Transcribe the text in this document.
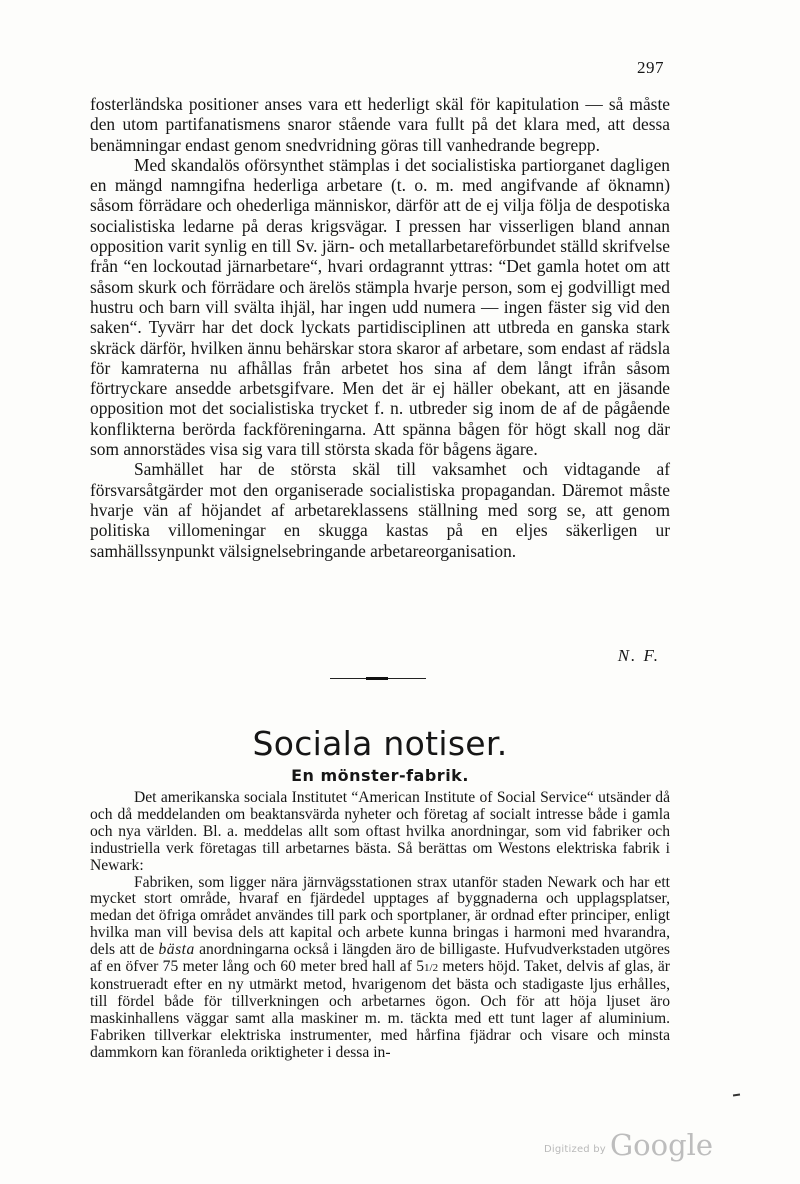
297

fosterländska positioner anses vara ett hederligt skäl för kapitulation — så måste den utom partifanatismens snaror stående vara fullt på det klara med, att dessa benämningar endast genom snedvridning göras till vanhedrande begrepp.

Med skandalös oförsynthet stämplas i det socialistiska partiorganet dagligen en mängd namngifna hederliga arbetare (t. o. m. med angifvande af öknamn) såsom förrädare och ohederliga människor, därför att de ej vilja följa de despotiska socialistiska ledarne på deras krigsvägar. I pressen har visserligen bland annan opposition varit synlig en till Sv. järn- och metallarbetareförbundet ställd skrifvelse från “en lockoutad järnarbetare“, hvari ordagrannt yttras: “Det gamla hotet om att såsom skurk och förrädare och ärelös stämpla hvarje person, som ej godvilligt med hustru och barn vill svälta ihjäl, har ingen udd numera — ingen fäster sig vid den saken“. Tyvärr har det dock lyckats partidisciplinen att utbreda en ganska stark skräck därför, hvilken ännu behärskar stora skaror af arbetare, som endast af rädsla för kamraterna nu afhållas från arbetet hos sina af dem långt ifrån såsom förtryckare ansedde arbetsgifvare. Men det är ej häller obekant, att en jäsande opposition mot det socialistiska trycket f. n. utbreder sig inom de af de pågående konflikterna berörda fackföreningarna. Att spänna bågen för högt skall nog där som annorstädes visa sig vara till största skada för bågens ägare.

Samhället har de största skäl till vaksamhet och vidtagande af försvarsåtgärder mot den organiserade socialistiska propagandan. Däremot måste hvarje vän af höjandet af arbetareklassens ställning med sorg se, att genom politiska villomeningar en skugga kastas på en eljes säkerligen ur samhällssynpunkt välsignelsebringande arbetareorganisation.

N. F.
Sociala notiser.
En mönster-fabrik.

Det amerikanska sociala Institutet “American Institute of Social Service“ utsänder då och då meddelanden om beaktansvärda nyheter och företag af socialt intresse både i gamla och nya världen. Bl. a. meddelas allt som oftast hvilka anordningar, som vid fabriker och industriella verk företagas till arbetarnes bästa. Så berättas om Westons elektriska fabrik i Newark:

Fabriken, som ligger nära järnvägsstationen strax utanför staden Newark och har ett mycket stort område, hvaraf en fjärdedel upptages af byggnaderna och upplagsplatser, medan det öfriga området användes till park och sportplaner, är ordnad efter principer, enligt hvilka man vill bevisa dels att kapital och arbete kunna bringas i harmoni med hvarandra, dels att de bästa anordningarna också i längden äro de billigaste. Hufvudverkstaden utgöres af en öfver 75 meter lång och 60 meter bred hall af 51/2 meters höjd. Taket, delvis af glas, är konstrueradt efter en ny utmärkt metod, hvarigenom det bästa och stadigaste ljus erhålles, till fördel både för tillverkningen och arbetarnes ögon. Och för att höja ljuset äro maskinhallens väggar samt alla maskiner m. m. täckta med ett tunt lager af aluminium. Fabriken tillverkar elektriska instrumenter, med hårfina fjädrar och visare och minsta dammkorn kan föranleda oriktigheter i dessa in-

Digitized by Google
